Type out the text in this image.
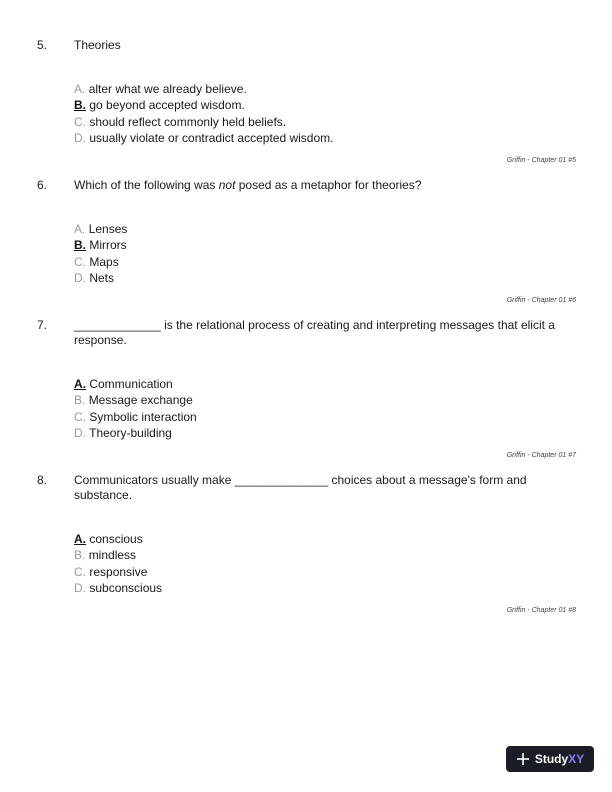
5. Theories
A. alter what we already believe.
B. go beyond accepted wisdom.
C. should reflect commonly held beliefs.
D. usually violate or contradict accepted wisdom.
Griffin - Chapter 01 #5
6. Which of the following was not posed as a metaphor for theories?
A. Lenses
B. Mirrors
C. Maps
D. Nets
Griffin - Chapter 01 #6
7. _____________ is the relational process of creating and interpreting messages that elicit a response.
A. Communication
B. Message exchange
C. Symbolic interaction
D. Theory-building
Griffin - Chapter 01 #7
8. Communicators usually make ______________ choices about a message's form and substance.
A. conscious
B. mindless
C. responsive
D. subconscious
Griffin - Chapter 01 #8
StudyXY
